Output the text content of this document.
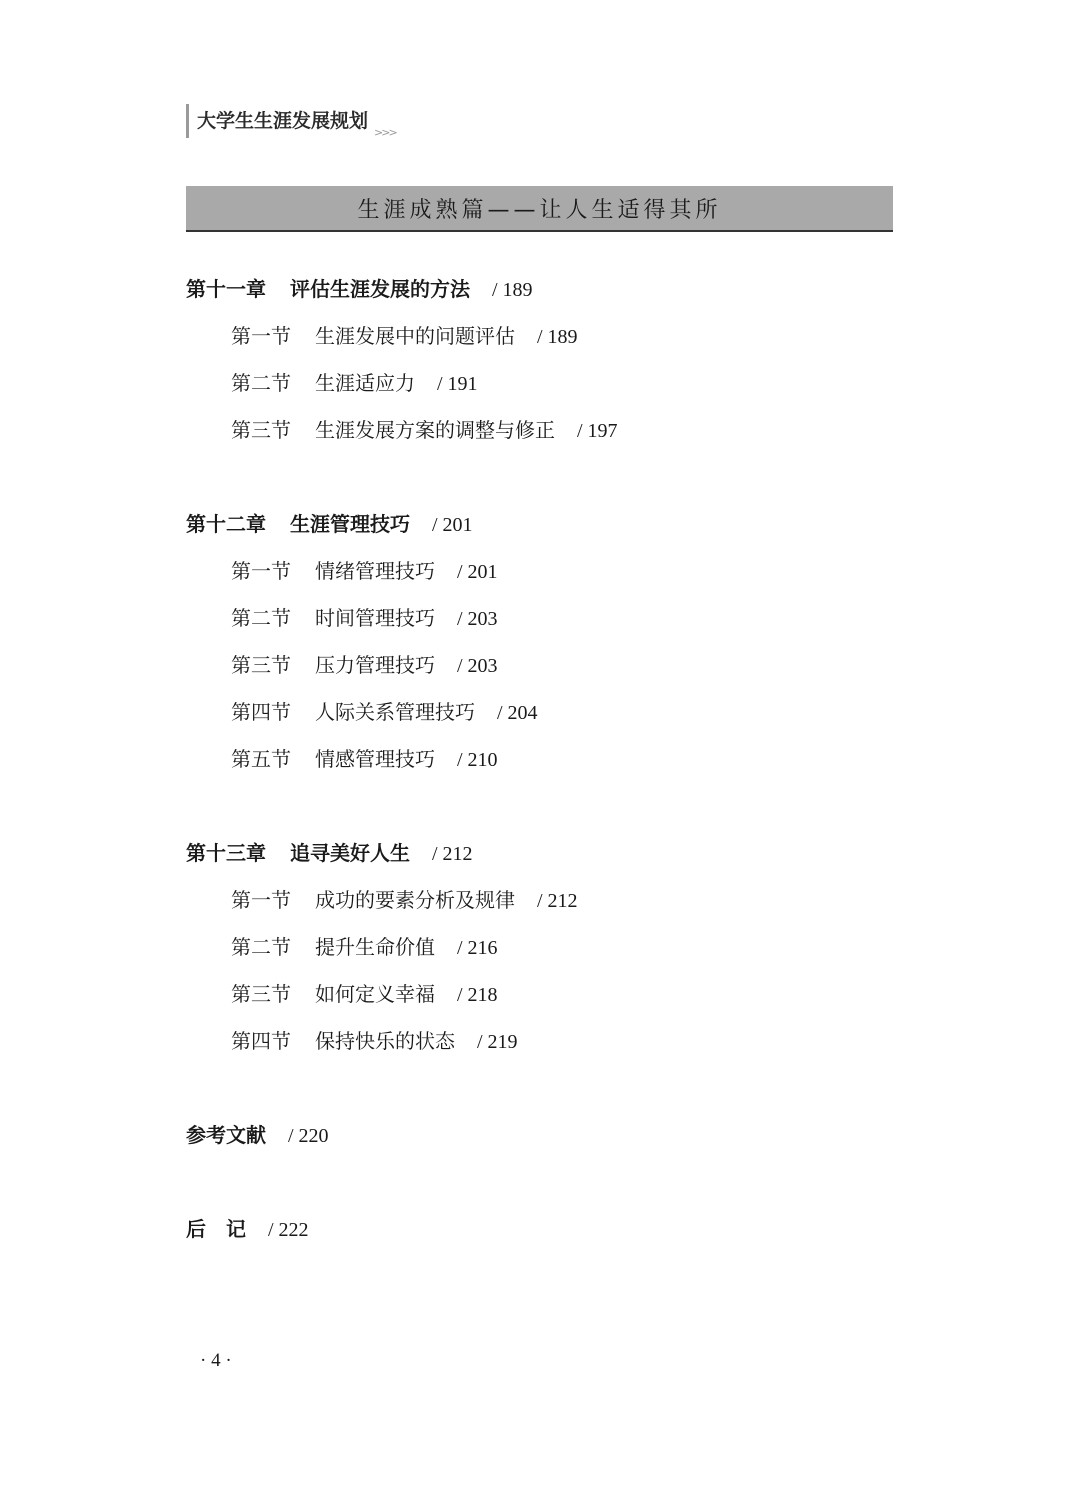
大学生生涯发展规划
>>>
生涯成熟篇——让人生适得其所
第十一章 评估生涯发展的方法 / 189
第一节 生涯发展中的问题评估 / 189
第二节 生涯适应力 / 191
第三节 生涯发展方案的调整与修正 / 197
第十二章 生涯管理技巧 / 201
第一节 情绪管理技巧 / 201
第二节 时间管理技巧 / 203
第三节 压力管理技巧 / 203
第四节 人际关系管理技巧 / 204
第五节 情感管理技巧 / 210
第十三章 追寻美好人生 / 212
第一节 成功的要素分析及规律 / 212
第二节 提升生命价值 / 216
第三节 如何定义幸福 / 218
第四节 保持快乐的状态 / 219
参考文献 / 220
后　记 / 222
· 4 ·
